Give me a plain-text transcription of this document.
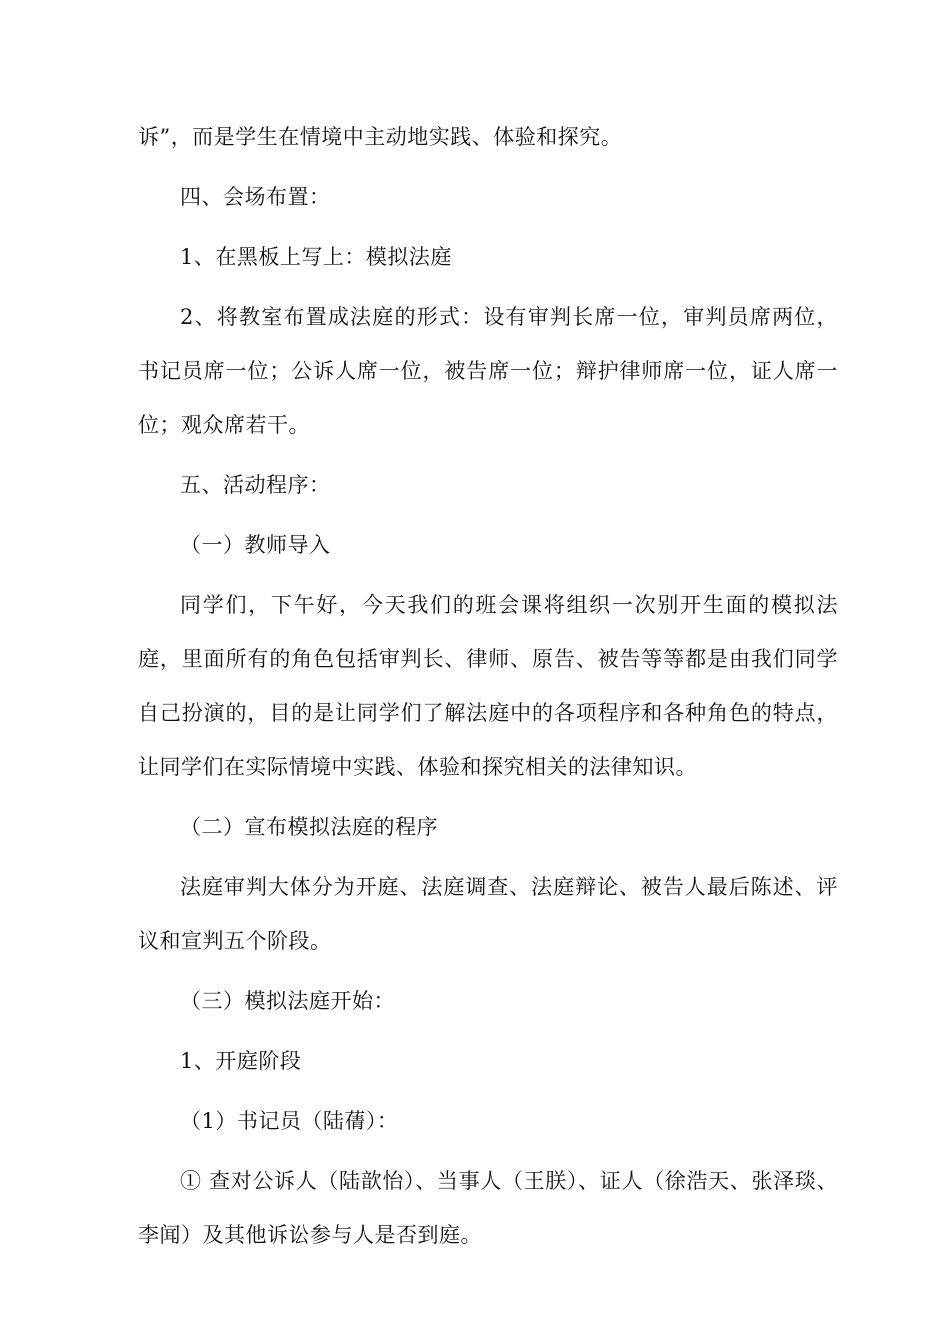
诉”，而是学生在情境中主动地实践、体验和探究。

四、会场布置：

1、在黑板上写上：模拟法庭

2、将教室布置成法庭的形式：设有审判长席一位，审判员席两位，书记员席一位；公诉人席一位，被告席一位；辩护律师席一位，证人席一位；观众席若干。

五、活动程序：

（一）教师导入

同学们，下午好，今天我们的班会课将组织一次别开生面的模拟法庭，里面所有的角色包括审判长、律师、原告、被告等等都是由我们同学自己扮演的，目的是让同学们了解法庭中的各项程序和各种角色的特点，让同学们在实际情境中实践、体验和探究相关的法律知识。

（二）宣布模拟法庭的程序

法庭审判大体分为开庭、法庭调查、法庭辩论、被告人最后陈述、评议和宣判五个阶段。

（三）模拟法庭开始：

1、开庭阶段

（1）书记员（陆蒨）：

① 查对公诉人（陆歆怡）、当事人（王朕）、证人（徐浩天、张泽琰、李闻）及其他诉讼参与人是否到庭。
